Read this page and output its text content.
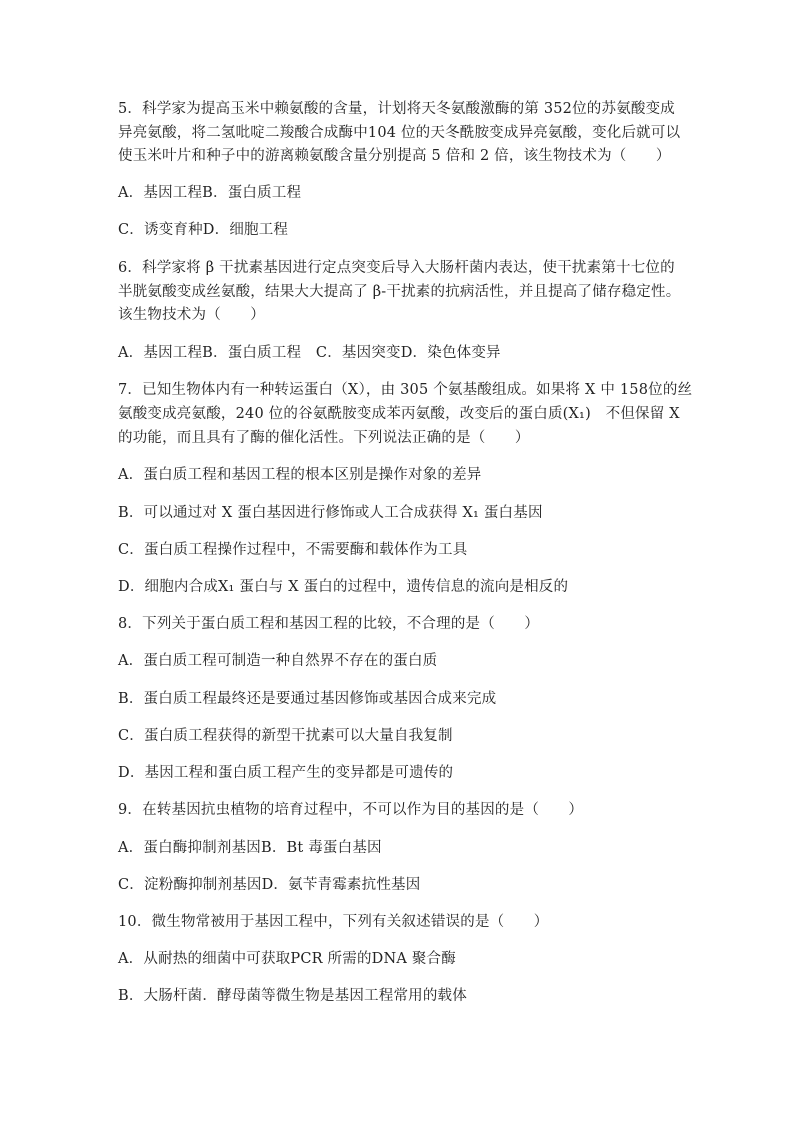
5．科学家为提高玉米中赖氨酸的含量，计划将天冬氨酸激酶的第 352位的苏氨酸变成
异亮氨酸，将二氢吡啶二羧酸合成酶中104 位的天冬酰胺变成异亮氨酸，变化后就可以
使玉米叶片和种子中的游离赖氨酸含量分别提高 5 倍和 2 倍，该生物技术为（　　）
A．基因工程B．蛋白质工程
C．诱变育种D．细胞工程
6．科学家将 β 干扰素基因进行定点突变后导入大肠杆菌内表达，使干扰素第十七位的
半胱氨酸变成丝氨酸，结果大大提高了 β-干扰素的抗病活性，并且提高了储存稳定性。
该生物技术为（　　）
A．基因工程B．蛋白质工程　C．基因突变D．染色体变异
7．已知生物体内有一种转运蛋白（X），由 305 个氨基酸组成。如果将 X 中 158位的丝
氨酸变成亮氨酸，240 位的谷氨酰胺变成苯丙氨酸，改变后的蛋白质(X₁)　不但保留 X
的功能，而且具有了酶的催化活性。下列说法正确的是（　　）
A．蛋白质工程和基因工程的根本区别是操作对象的差异
B．可以通过对 X 蛋白基因进行修饰或人工合成获得 X₁ 蛋白基因
C．蛋白质工程操作过程中，不需要酶和载体作为工具
D．细胞内合成X₁ 蛋白与 X 蛋白的过程中，遗传信息的流向是相反的
8．下列关于蛋白质工程和基因工程的比较，不合理的是（　　）
A．蛋白质工程可制造一种自然界不存在的蛋白质
B．蛋白质工程最终还是要通过基因修饰或基因合成来完成
C．蛋白质工程获得的新型干扰素可以大量自我复制
D．基因工程和蛋白质工程产生的变异都是可遗传的
9．在转基因抗虫植物的培育过程中，不可以作为目的基因的是（　　）
A．蛋白酶抑制剂基因B．Bt 毒蛋白基因
C．淀粉酶抑制剂基因D．氨苄青霉素抗性基因
10．微生物常被用于基因工程中，下列有关叙述错误的是（　　）
A．从耐热的细菌中可获取PCR 所需的DNA 聚合酶
B．大肠杆菌．酵母菌等微生物是基因工程常用的载体
